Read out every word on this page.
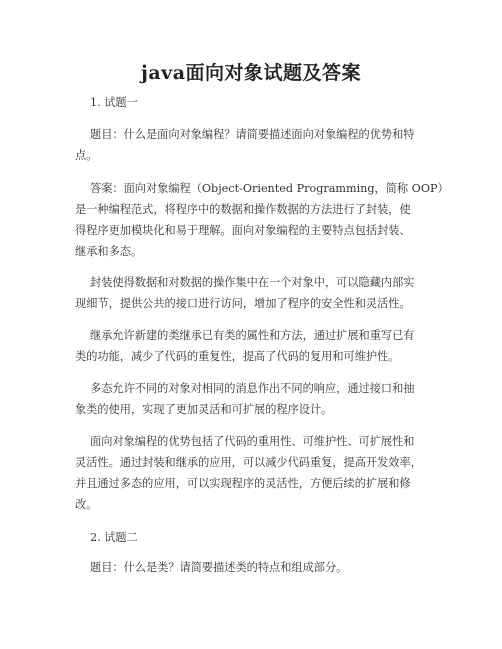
java面向对象试题及答案
1. 试题一
题目：什么是面向对象编程？请简要描述面向对象编程的优势和特
点。
答案：面向对象编程（Object-Oriented Programming，简称 OOP）
是一种编程范式，将程序中的数据和操作数据的方法进行了封装，使
得程序更加模块化和易于理解。面向对象编程的主要特点包括封装、
继承和多态。
封装使得数据和对数据的操作集中在一个对象中，可以隐藏内部实
现细节，提供公共的接口进行访问，增加了程序的安全性和灵活性。
继承允许新建的类继承已有类的属性和方法，通过扩展和重写已有
类的功能，减少了代码的重复性，提高了代码的复用和可维护性。
多态允许不同的对象对相同的消息作出不同的响应，通过接口和抽
象类的使用，实现了更加灵活和可扩展的程序设计。
面向对象编程的优势包括了代码的重用性、可维护性、可扩展性和
灵活性。通过封装和继承的应用，可以减少代码重复，提高开发效率，
并且通过多态的应用，可以实现程序的灵活性，方便后续的扩展和修
改。
2. 试题二
题目：什么是类？请简要描述类的特点和组成部分。
